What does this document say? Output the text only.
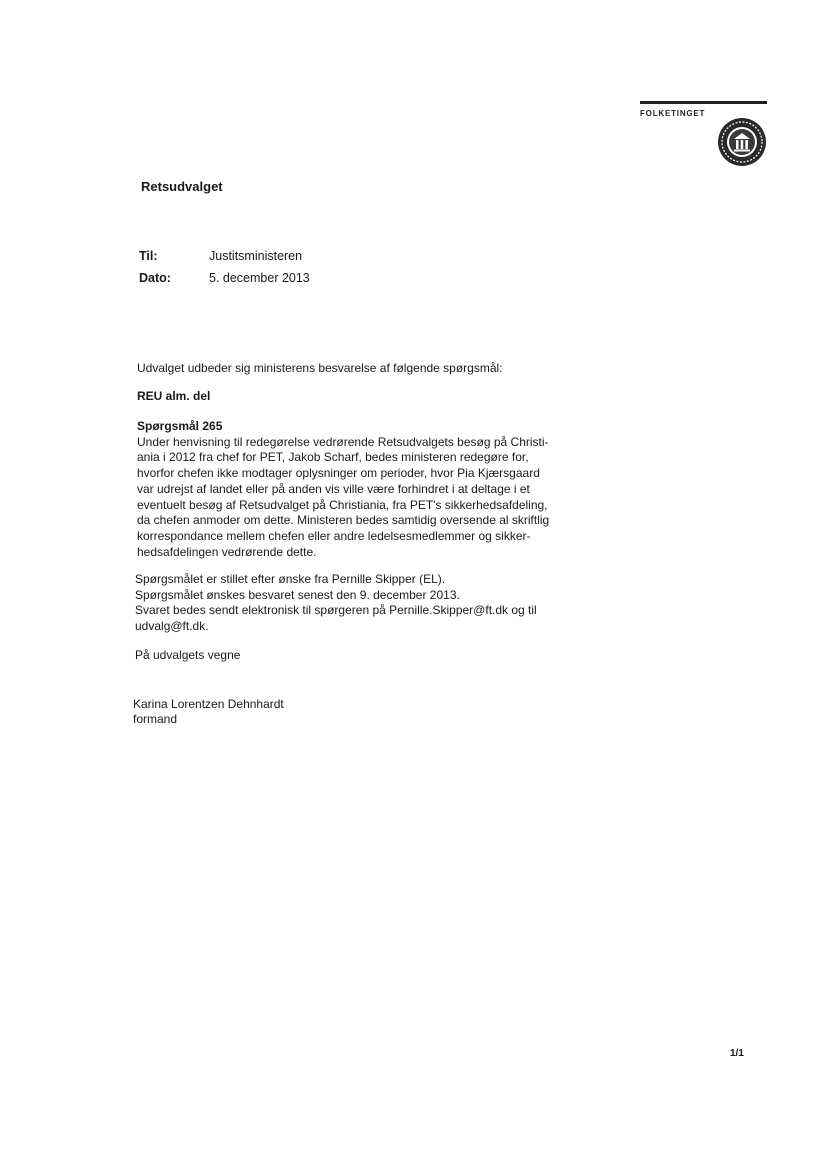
FOLKETINGET
Retsudvalget
Til:	Justitsministeren
Dato:	5. december 2013
Udvalget udbeder sig ministerens besvarelse af følgende spørgsmål:
REU alm. del
Spørgsmål 265
Under henvisning til redegørelse vedrørende Retsudvalgets besøg på Christi-
ania i 2012 fra chef for PET, Jakob Scharf, bedes ministeren redegøre for,
hvorfor chefen ikke modtager oplysninger om perioder, hvor Pia Kjærsgaard
var udrejst af landet eller på anden vis ville være forhindret i at deltage i et
eventuelt besøg af Retsudvalget på Christiania, fra PET's sikkerhedsafdeling,
da chefen anmoder om dette. Ministeren bedes samtidig oversende al skriftlig
korrespondance mellem chefen eller andre ledelsesmedlemmer og sikker-
hedsafdelingen vedrørende dette.
Spørgsmålet er stillet efter ønske fra Pernille Skipper (EL).
Spørgsmålet ønskes besvaret senest den 9. december 2013.
Svaret bedes sendt elektronisk til spørgeren på Pernille.Skipper@ft.dk og til
udvalg@ft.dk.
På udvalgets vegne
Karina Lorentzen Dehnhardt
formand
1/1
